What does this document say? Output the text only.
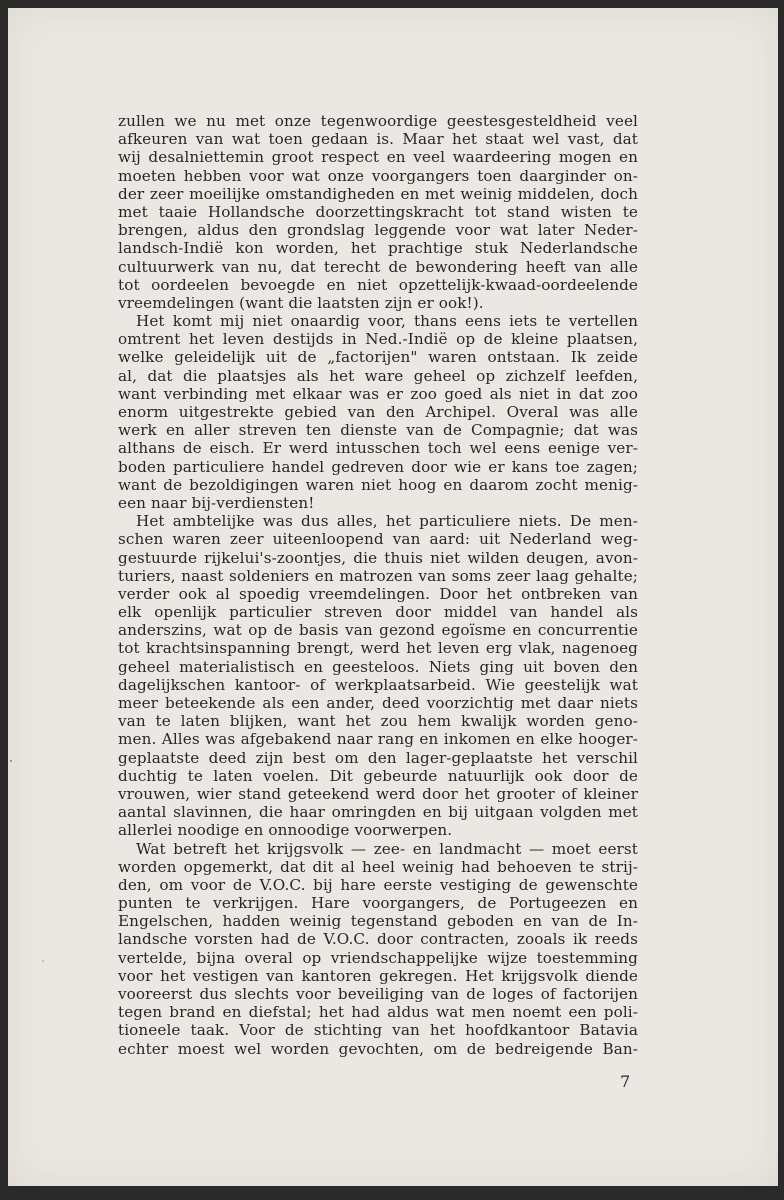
zullen we nu met onze tegenwoordige geestesgesteldheid veel
afkeuren van wat toen gedaan is. Maar het staat wel vast, dat
wij desalniettemin groot respect en veel waardeering mogen en
moeten hebben voor wat onze voorgangers toen daarginder on-
der zeer moeilijke omstandigheden en met weinig middelen, doch
met taaie Hollandsche doorzettingskracht tot stand wisten te
brengen, aldus den grondslag leggende voor wat later Neder-
landsch-Indië kon worden, het prachtige stuk Nederlandsche
cultuurwerk van nu, dat terecht de bewondering heeft van alle
tot oordeelen bevoegde en niet opzettelijk-kwaad-oordeelende
vreemdelingen (want die laatsten zijn er ook!).
Het komt mij niet onaardig voor, thans eens iets te vertellen
omtrent het leven destijds in Ned.-Indië op de kleine plaatsen,
welke geleidelijk uit de „factorijen" waren ontstaan. Ik zeide
al, dat die plaatsjes als het ware geheel op zichzelf leefden,
want verbinding met elkaar was er zoo goed als niet in dat zoo
enorm uitgestrekte gebied van den Archipel. Overal was alle
werk en aller streven ten dienste van de Compagnie; dat was
althans de eisch. Er werd intusschen toch wel eens eenige ver-
boden particuliere handel gedreven door wie er kans toe zagen;
want de bezoldigingen waren niet hoog en daarom zocht menig-
een naar bij-verdiensten!
Het ambtelijke was dus alles, het particuliere niets. De men-
schen waren zeer uiteenloopend van aard: uit Nederland weg-
gestuurde rijkelui's-zoontjes, die thuis niet wilden deugen, avon-
turiers, naast soldeniers en matrozen van soms zeer laag gehalte;
verder ook al spoedig vreemdelingen. Door het ontbreken van
elk openlijk particulier streven door middel van handel als
anderszins, wat op de basis van gezond egoïsme en concurrentie
tot krachtsinspanning brengt, werd het leven erg vlak, nagenoeg
geheel materialistisch en geesteloos. Niets ging uit boven den
dagelijkschen kantoor- of werkplaatsarbeid. Wie geestelijk wat
meer beteekende als een ander, deed voorzichtig met daar niets
van te laten blijken, want het zou hem kwalijk worden geno-
men. Alles was afgebakend naar rang en inkomen en elke hooger-
geplaatste deed zijn best om den lager-geplaatste het verschil
duchtig te laten voelen. Dit gebeurde natuurlijk ook door de
vrouwen, wier stand geteekend werd door het grooter of kleiner
aantal slavinnen, die haar omringden en bij uitgaan volgden met
allerlei noodige en onnoodige voorwerpen.
Wat betreft het krijgsvolk — zee- en landmacht — moet eerst
worden opgemerkt, dat dit al heel weinig had behoeven te strij-
den, om voor de V.O.C. bij hare eerste vestiging de gewenschte
punten te verkrijgen. Hare voorgangers, de Portugeezen en
Engelschen, hadden weinig tegenstand geboden en van de In-
landsche vorsten had de V.O.C. door contracten, zooals ik reeds
vertelde, bijna overal op vriendschappelijke wijze toestemming
voor het vestigen van kantoren gekregen. Het krijgsvolk diende
vooreerst dus slechts voor beveiliging van de loges of factorijen
tegen brand en diefstal; het had aldus wat men noemt een poli-
tioneele taak. Voor de stichting van het hoofdkantoor Batavia
echter moest wel worden gevochten, om de bedreigende Ban-
7
